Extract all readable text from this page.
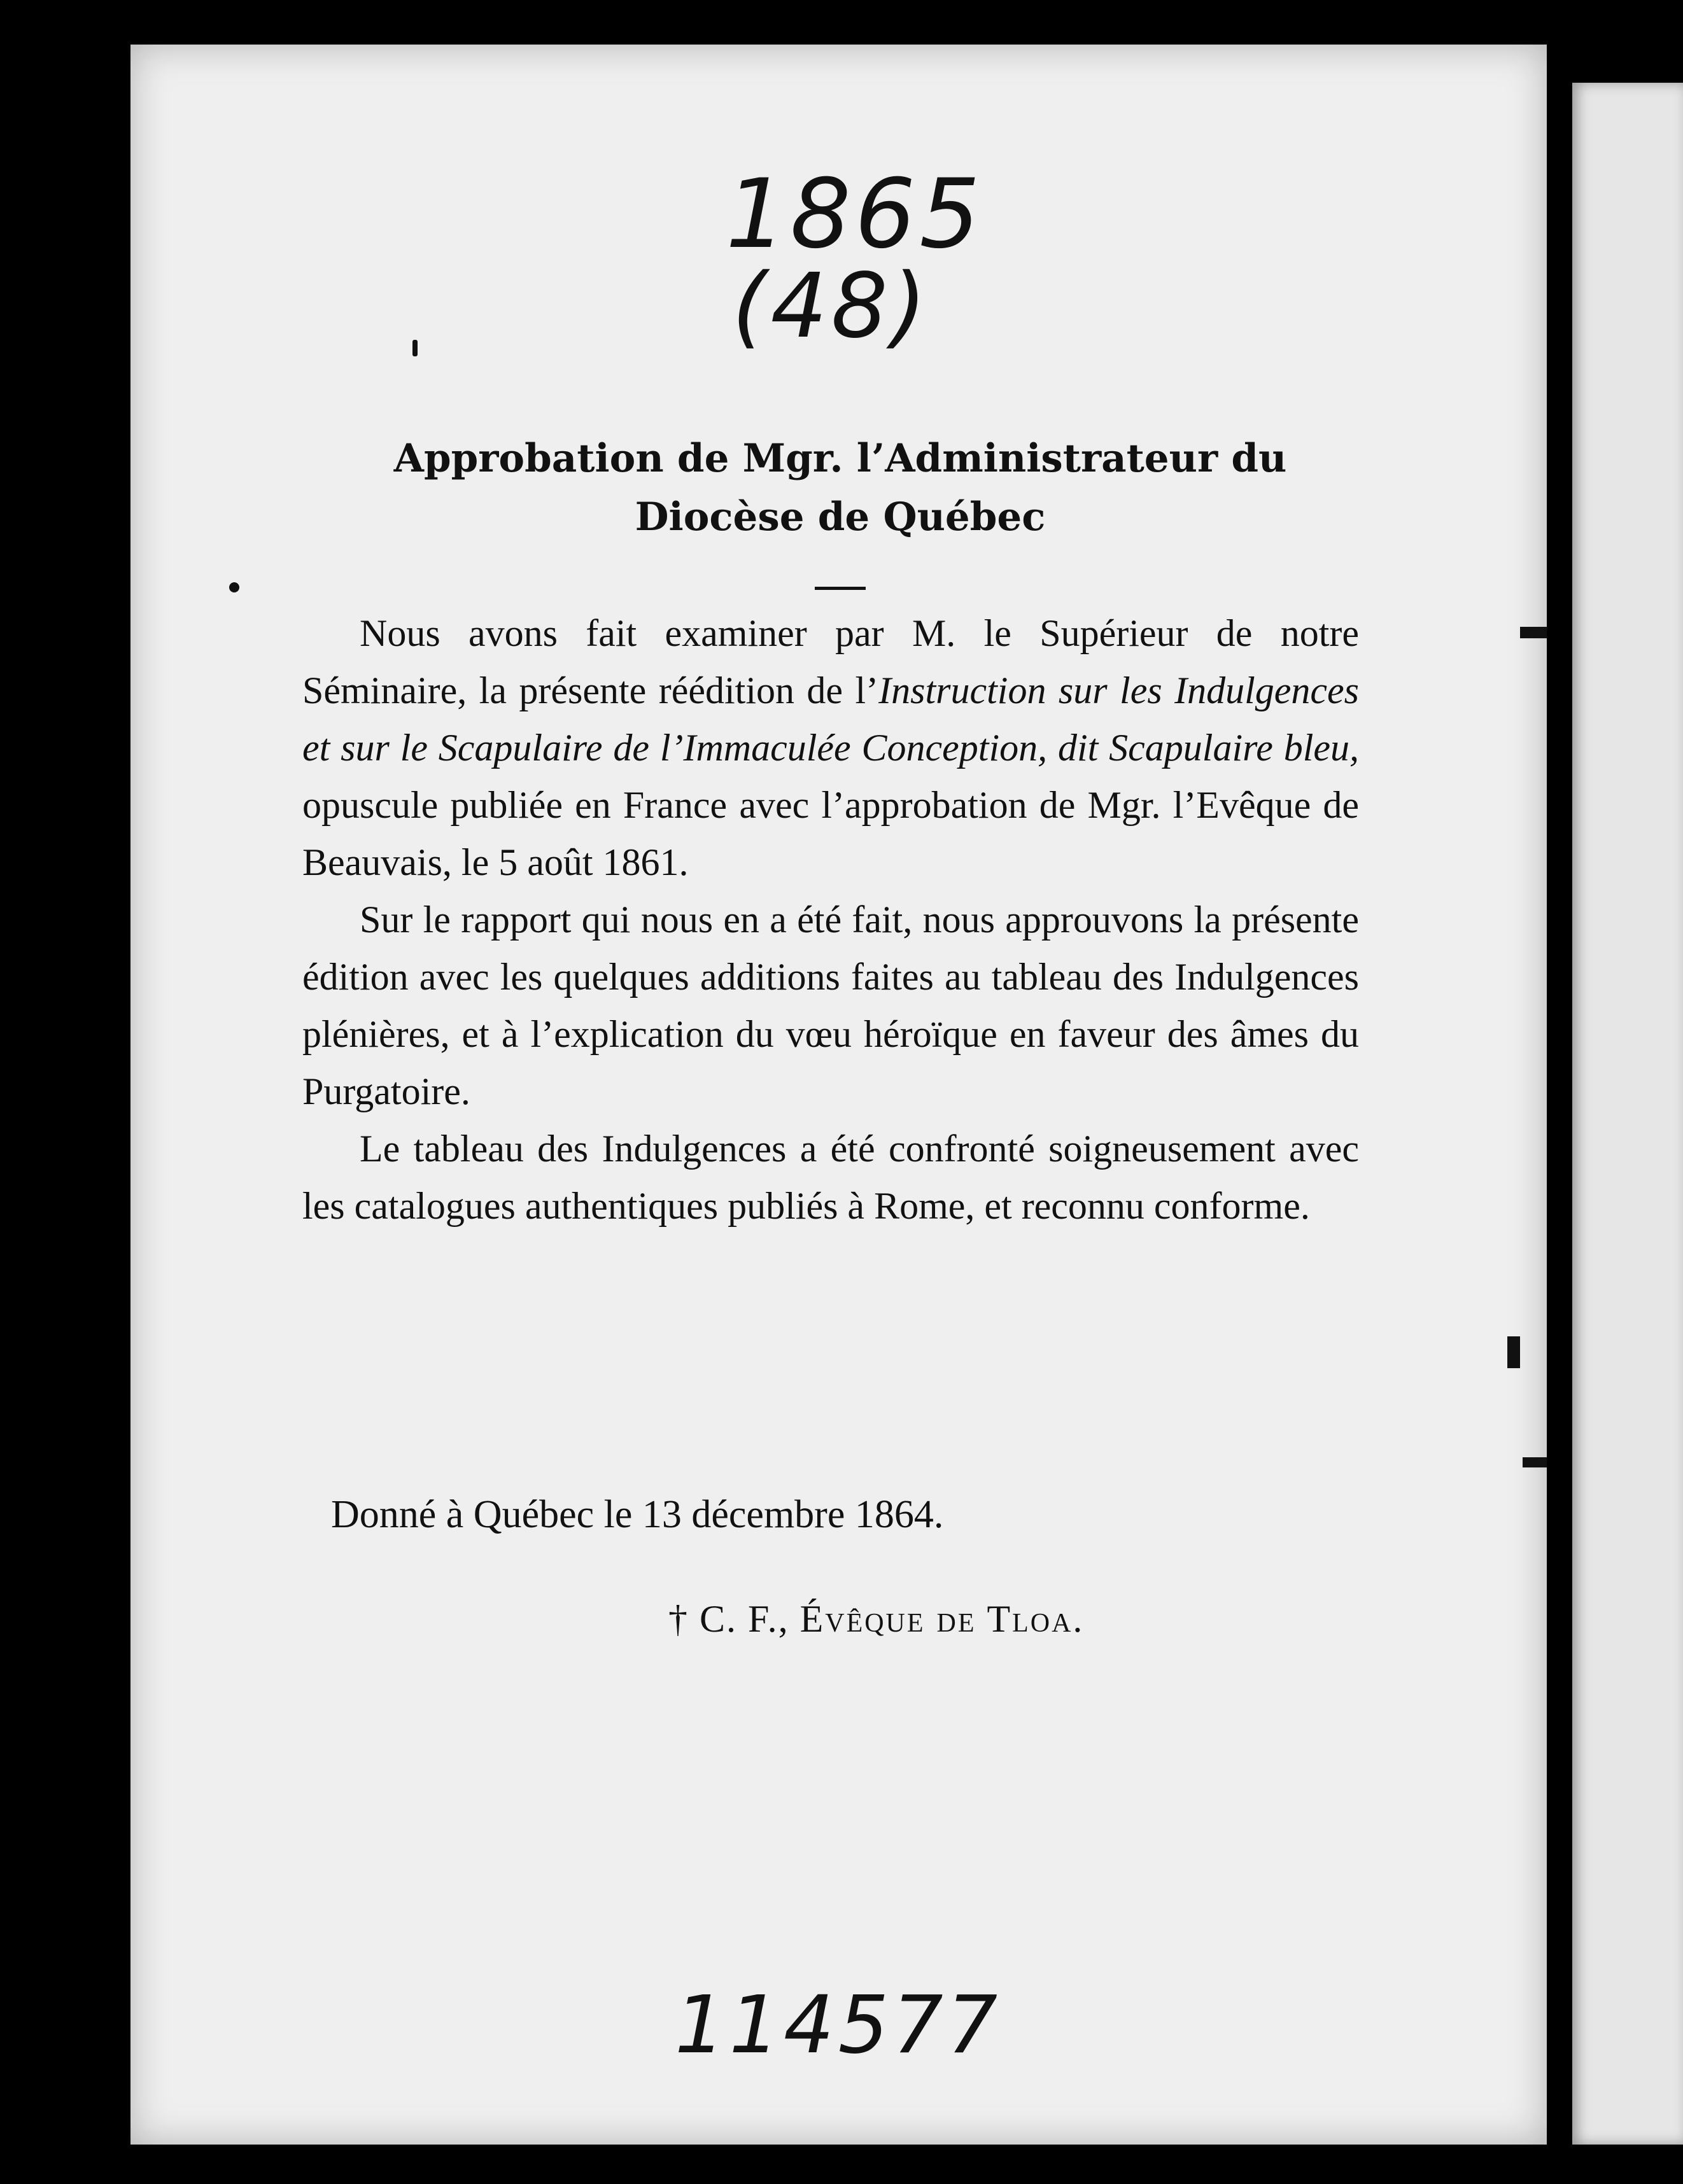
1865
(48)
Approbation de Mgr. l’Administrateur du
Diocèse de Québec

Nous avons fait examiner par M. le Supérieur de notre Séminaire, la présente réédition de l’Instruction sur les Indulgences et sur le Scapulaire de l’Immaculée Conception, dit Scapulaire bleu, opuscule publiée en France avec l’approbation de Mgr. l’Evêque de Beauvais, le 5 août 1861.

Sur le rapport qui nous en a été fait, nous approuvons la présente édition avec les quelques additions faites au tableau des Indulgences plénières, et à l’explication du vœu héroïque en faveur des âmes du Purgatoire.

Le tableau des Indulgences a été confronté soigneusement avec les catalogues authentiques publiés à Rome, et reconnu conforme.

Donné à Québec le 13 décembre 1864.
† C. F., Évêque de Tloa.
114577
